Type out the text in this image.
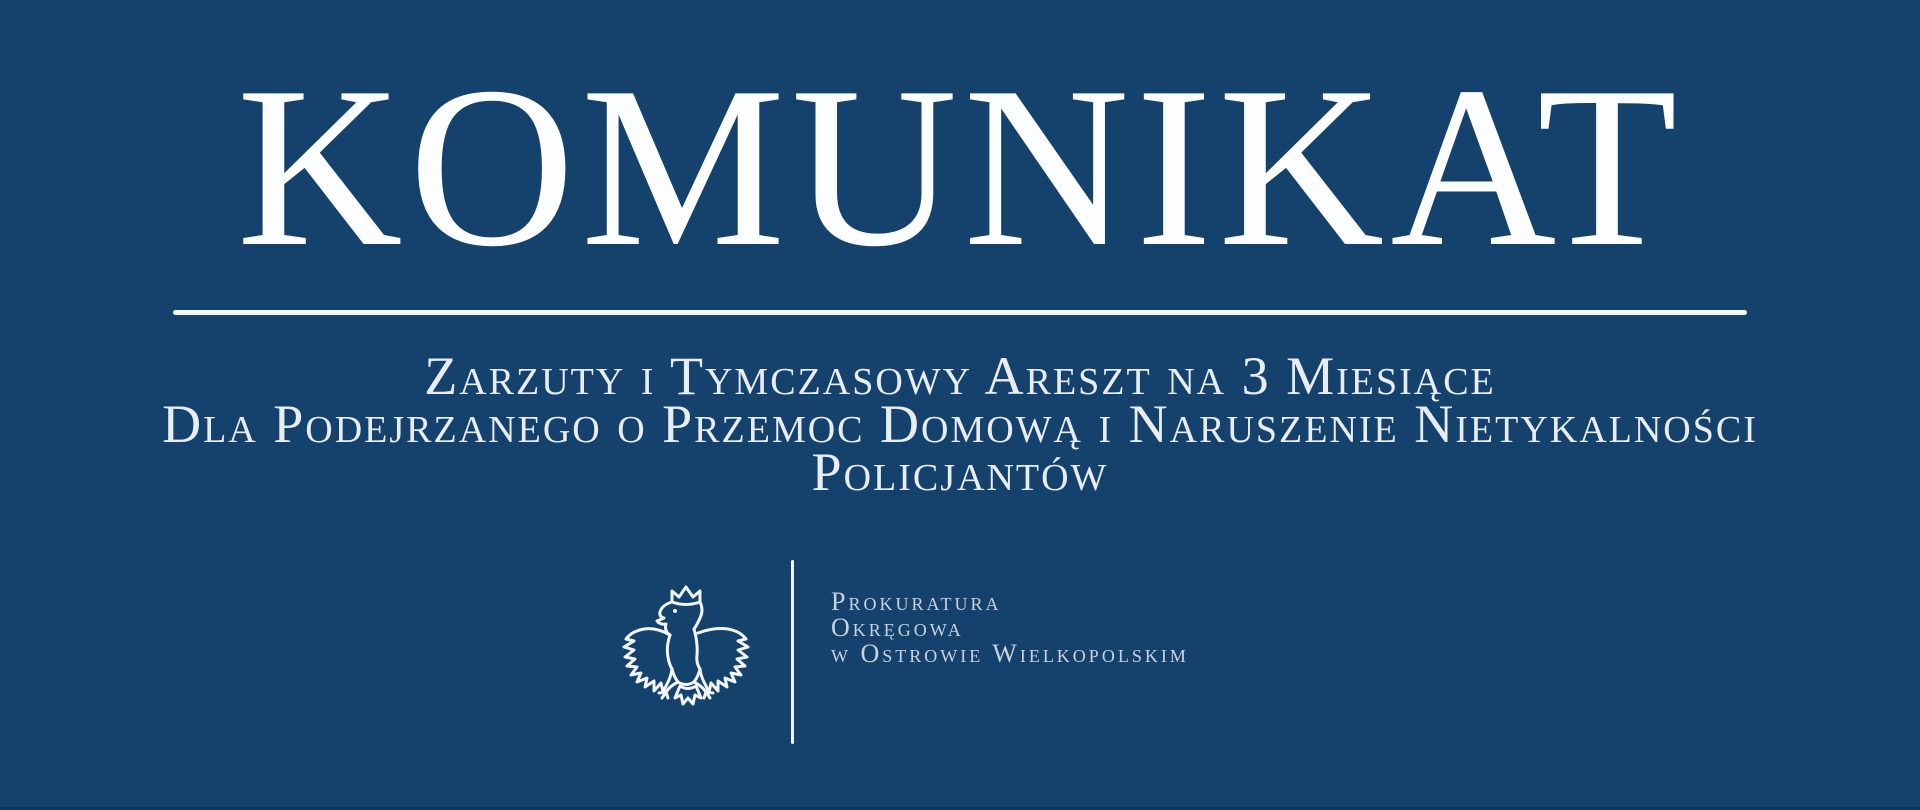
KOMUNIKAT
Zarzuty i Tymczasowy Areszt na 3 Miesiące
Dla Podejrzanego o Przemoc Domową i Naruszenie Nietykalności
Policjantów
Prokuratura
Okręgowa
w Ostrowie Wielkopolskim
